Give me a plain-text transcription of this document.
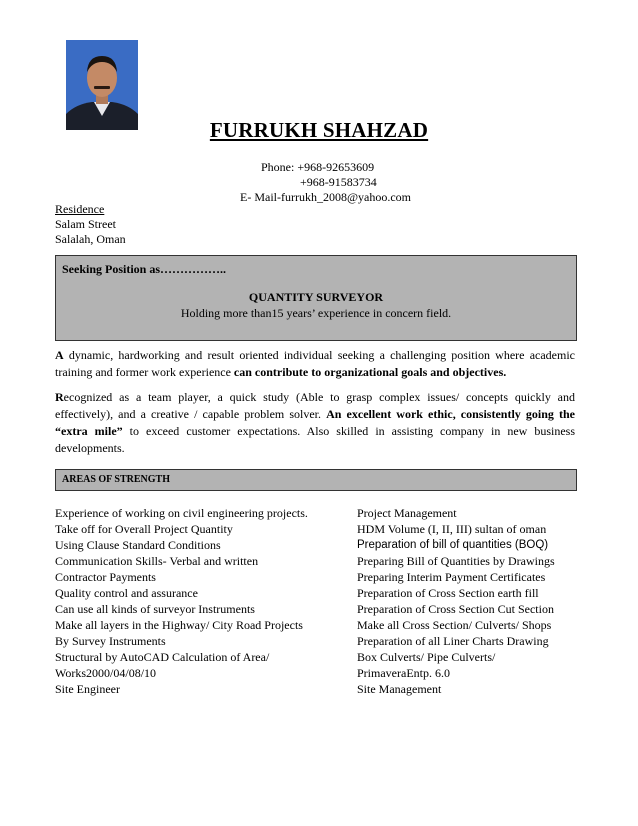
FURRUKH SHAHZAD
Phone: +968-92653609
+968-91583734
E- Mail-furrukh_2008@yahoo.com
Residence
Salam Street
Salalah, Oman
Seeking Position as……………..
QUANTITY SURVEYOR
Holding more than15 years’ experience in concern field.

A dynamic, hardworking and result oriented individual seeking a challenging position where academic training and former work experience can contribute to organizational goals and objectives.

Recognized as a team player, a quick study (Able to grasp complex issues/ concepts quickly and effectively), and a creative / capable problem solver. An excellent work ethic, consistently going the “extra mile” to exceed customer expectations. Also skilled in assisting company in new business developments.

AREAS OF STRENGTH
Experience of working on civil engineering projects.
Take off for Overall Project Quantity
Using Clause Standard Conditions
Communication Skills- Verbal and written
Contractor Payments
Quality control and assurance
Can use all kinds of surveyor Instruments
Make all layers in the Highway/ City Road Projects
By Survey Instruments
Structural by AutoCAD Calculation of Area/
Works2000/04/08/10
Site Engineer
Project Management
HDM Volume (I, II, III) sultan of oman
Preparation of bill of quantities (BOQ)
Preparing Bill of Quantities by Drawings
Preparing Interim Payment Certificates
Preparation of Cross Section earth fill
Preparation of Cross Section Cut Section
Make all Cross Section/ Culverts/ Shops
Preparation of all Liner Charts Drawing
Box Culverts/ Pipe Culverts/
PrimaveraEntp. 6.0
Site Management
